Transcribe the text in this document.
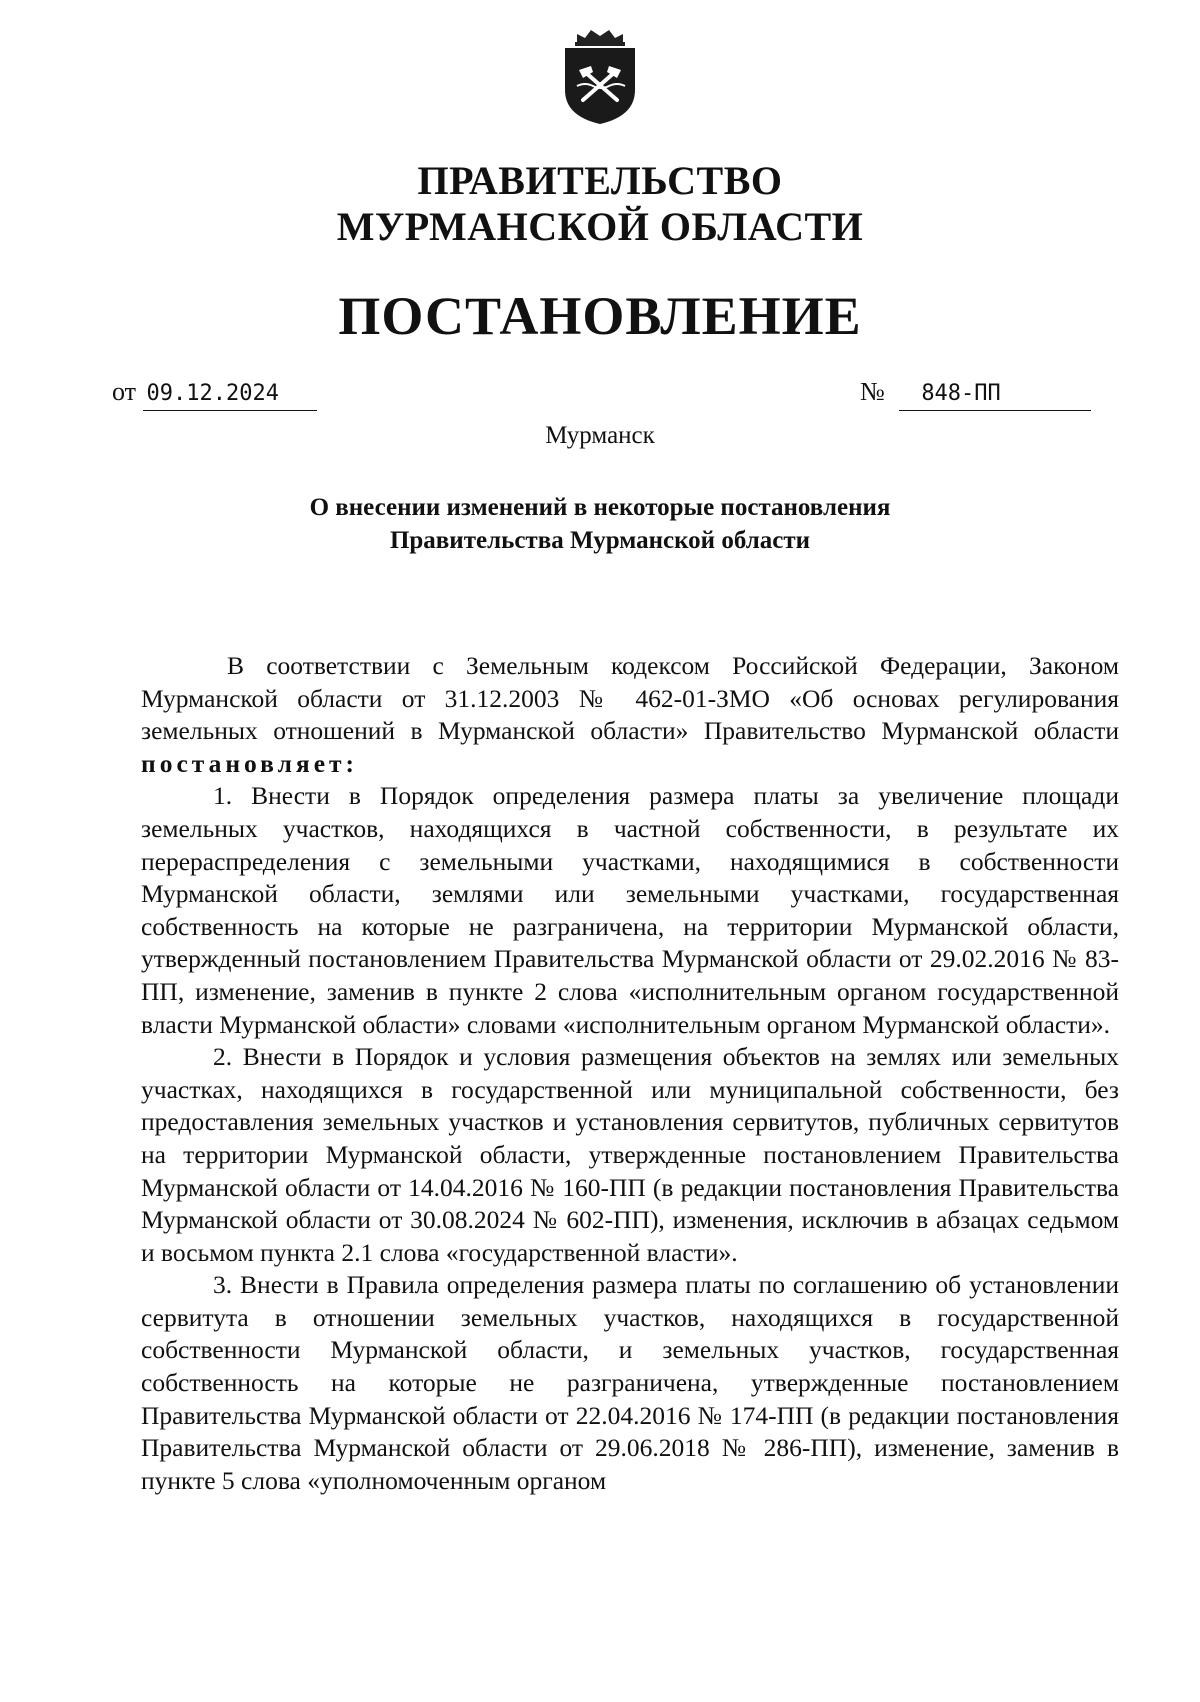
ПРАВИТЕЛЬСТВО
МУРМАНСКОЙ ОБЛАСТИ
ПОСТАНОВЛЕНИЕ
от 09.12.2024	№ 848-ПП
Мурманск
О внесении изменений в некоторые постановления
Правительства Мурманской области

В соответствии с Земельным кодексом Российской Федерации, Законом Мурманской области от 31.12.2003 № 462-01-ЗМО «Об основах регулирования земельных отношений в Мурманской области» Правительство Мурманской области постановляет:

1. Внести в Порядок определения размера платы за увеличение площади земельных участков, находящихся в частной собственности, в результате их перераспределения с земельными участками, находящимися в собственности Мурманской области, землями или земельными участками, государственная собственность на которые не разграничена, на территории Мурманской области, утвержденный постановлением Правительства Мурманской области от 29.02.2016 № 83-ПП, изменение, заменив в пункте 2 слова «исполнительным органом государственной власти Мурманской области» словами «исполнительным органом Мурманской области».

2. Внести в Порядок и условия размещения объектов на землях или земельных участках, находящихся в государственной или муниципальной собственности, без предоставления земельных участков и установления сервитутов, публичных сервитутов на территории Мурманской области, утвержденные постановлением Правительства Мурманской области от 14.04.2016 № 160-ПП (в редакции постановления Правительства Мурманской области от 30.08.2024 № 602-ПП), изменения, исключив в абзацах седьмом и восьмом пункта 2.1 слова «государственной власти».

3. Внести в Правила определения размера платы по соглашению об установлении сервитута в отношении земельных участков, находящихся в государственной собственности Мурманской области, и земельных участков, государственная собственность на которые не разграничена, утвержденные постановлением Правительства Мурманской области от 22.04.2016 № 174-ПП (в редакции постановления Правительства Мурманской области от 29.06.2018 № 286-ПП), изменение, заменив в пункте 5 слова «уполномоченным органом
